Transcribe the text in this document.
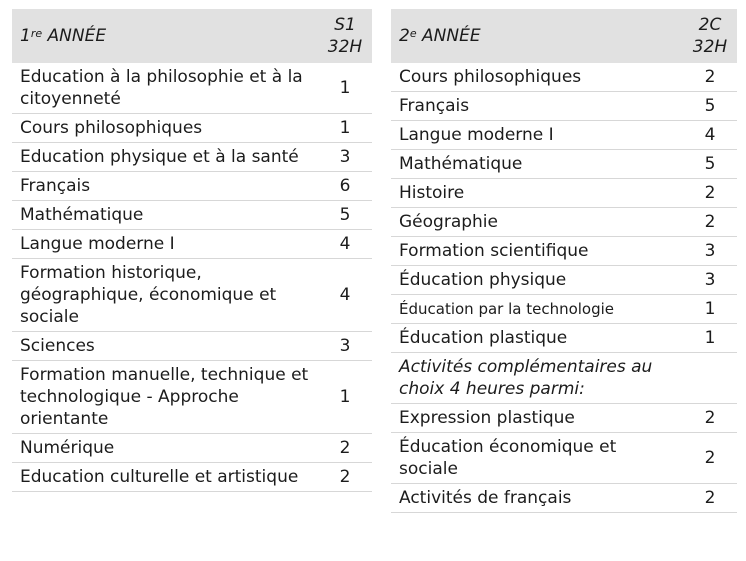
1re ANNÉE	S1
32H
Education à la philosophie et à la citoyenneté	1
Cours philosophiques	1
Education physique et à la santé	3
Français	6
Mathématique	5
Langue moderne I	4
Formation historique, géographique, économique et sociale	4
Sciences	3
Formation manuelle, technique et technologique - Approche orientante	1
Numérique	2
Education culturelle et artistique	2
2e ANNÉE	2C
32H
Cours philosophiques	2
Français	5
Langue moderne I	4
Mathématique	5
Histoire	2
Géographie	2
Formation scientifique	3
Éducation physique	3
Éducation par la technologie	1
Éducation plastique	1
Activités complémentaires au choix 4 heures parmi:	
Expression plastique	2
Éducation économique et sociale	2
Activités de français	2
